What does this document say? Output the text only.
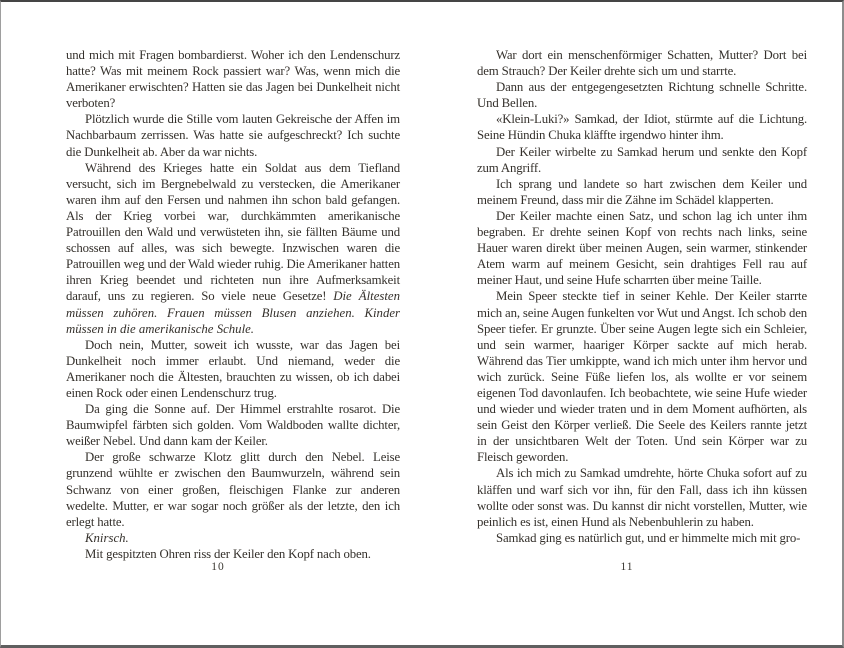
und mich mit Fragen bombardierst. Woher ich den Lendenschurz hatte? Was mit meinem Rock passiert war? Was, wenn mich die Amerikaner erwischten? Hatten sie das Jagen bei Dunkelheit nicht verboten?

Plötzlich wurde die Stille vom lauten Gekreische der Affen im Nachbarbaum zerrissen. Was hatte sie aufgeschreckt? Ich suchte die Dunkelheit ab. Aber da war nichts.

Während des Krieges hatte ein Soldat aus dem Tiefland versucht, sich im Bergnebelwald zu verstecken, die Amerikaner waren ihm auf den Fersen und nahmen ihn schon bald gefangen. Als der Krieg vorbei war, durchkämmten amerikanische Patrouillen den Wald und verwüsteten ihn, sie fällten Bäume und schossen auf alles, was sich bewegte. Inzwischen waren die Patrouillen weg und der Wald wieder ruhig. Die Amerikaner hatten ihren Krieg beendet und richteten nun ihre Aufmerksamkeit darauf, uns zu regieren. So viele neue Gesetze! Die Ältesten müssen zuhören. Frauen müssen Blusen anziehen. Kinder müssen in die amerikanische Schule.

Doch nein, Mutter, soweit ich wusste, war das Jagen bei Dunkelheit noch immer erlaubt. Und niemand, weder die Amerikaner noch die Ältesten, brauchten zu wissen, ob ich dabei einen Rock oder einen Lendenschurz trug.

Da ging die Sonne auf. Der Himmel erstrahlte rosarot. Die Baumwipfel färbten sich golden. Vom Waldboden wallte dichter, weißer Nebel. Und dann kam der Keiler.

Der große schwarze Klotz glitt durch den Nebel. Leise grunzend wühlte er zwischen den Baumwurzeln, während sein Schwanz von einer großen, fleischigen Flanke zur anderen wedelte. Mutter, er war sogar noch größer als der letzte, den ich erlegt hatte.

Knirsch.

Mit gespitzten Ohren riss der Keiler den Kopf nach oben.

War dort ein menschenförmiger Schatten, Mutter? Dort bei dem Strauch? Der Keiler drehte sich um und starrte.

Dann aus der entgegengesetzten Richtung schnelle Schritte. Und Bellen.

«Klein-Luki?» Samkad, der Idiot, stürmte auf die Lichtung. Seine Hündin Chuka kläffte irgendwo hinter ihm.

Der Keiler wirbelte zu Samkad herum und senkte den Kopf zum Angriff.

Ich sprang und landete so hart zwischen dem Keiler und meinem Freund, dass mir die Zähne im Schädel klapperten.

Der Keiler machte einen Satz, und schon lag ich unter ihm begraben. Er drehte seinen Kopf von rechts nach links, seine Hauer waren direkt über meinen Augen, sein warmer, stinkender Atem warm auf meinem Gesicht, sein drahtiges Fell rau auf meiner Haut, und seine Hufe scharrten über meine Taille.

Mein Speer steckte tief in seiner Kehle. Der Keiler starrte mich an, seine Augen funkelten vor Wut und Angst. Ich schob den Speer tiefer. Er grunzte. Über seine Augen legte sich ein Schleier, und sein warmer, haariger Körper sackte auf mich herab. Während das Tier umkippte, wand ich mich unter ihm hervor und wich zurück. Seine Füße liefen los, als wollte er vor seinem eigenen Tod davonlaufen. Ich beobachtete, wie seine Hufe wieder und wieder und wieder traten und in dem Moment aufhörten, als sein Geist den Körper verließ. Die Seele des Keilers rannte jetzt in der unsichtbaren Welt der Toten. Und sein Körper war zu Fleisch geworden.

Als ich mich zu Samkad umdrehte, hörte Chuka sofort auf zu kläffen und warf sich vor ihn, für den Fall, dass ich ihn küssen wollte oder sonst was. Du kannst dir nicht vorstellen, Mutter, wie peinlich es ist, einen Hund als Nebenbuhlerin zu haben.

Samkad ging es natürlich gut, und er himmelte mich mit gro-

10	11
